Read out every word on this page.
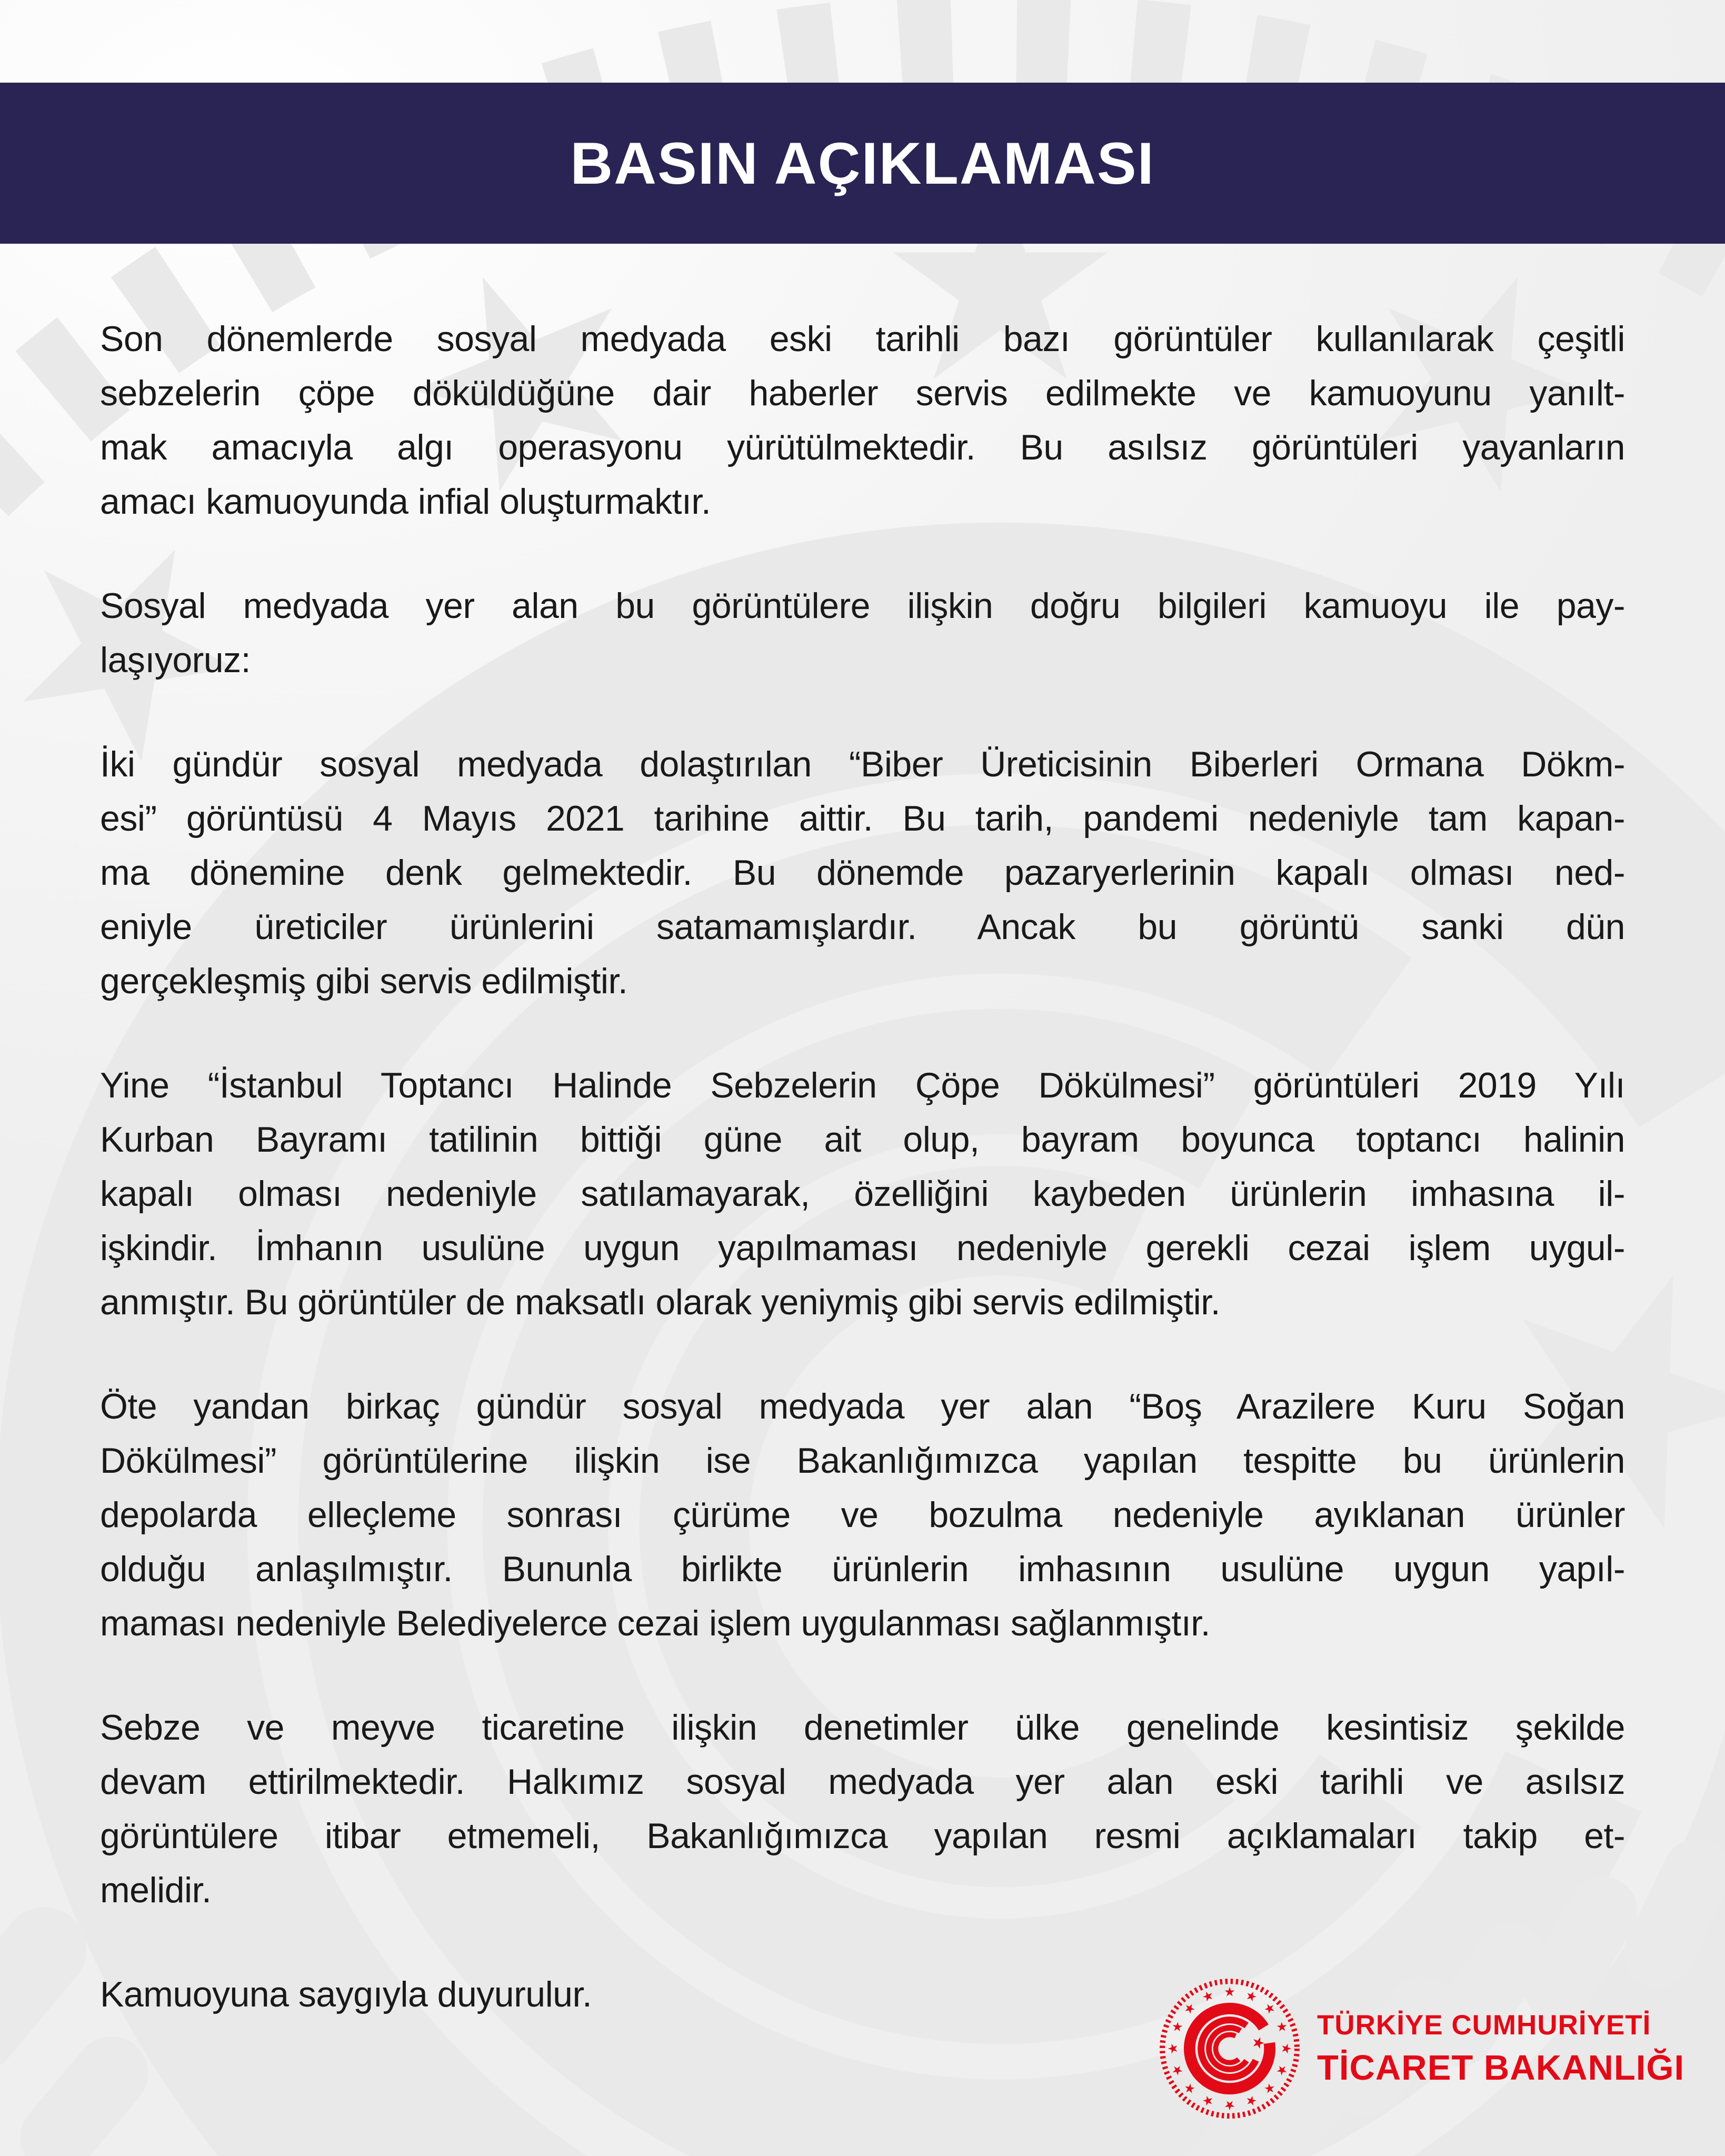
BASIN AÇIKLAMASI

Son dönemlerde sosyal medyada eski tarihli bazı görüntüler kullanılarak çeşitli
sebzelerin çöpe döküldüğüne dair haberler servis edilmekte ve kamuoyunu yanılt-
mak amacıyla algı operasyonu yürütülmektedir. Bu asılsız görüntüleri yayanların
amacı kamuoyunda infial oluşturmaktır.

Sosyal medyada yer alan bu görüntülere ilişkin doğru bilgileri kamuoyu ile pay-
laşıyoruz:

İki gündür sosyal medyada dolaştırılan “Biber Üreticisinin Biberleri Ormana Dökm-
esi” görüntüsü 4 Mayıs 2021 tarihine aittir. Bu tarih, pandemi nedeniyle tam kapan-
ma dönemine denk gelmektedir. Bu dönemde pazaryerlerinin kapalı olması ned-
eniyle üreticiler ürünlerini satamamışlardır. Ancak bu görüntü sanki dün
gerçekleşmiş gibi servis edilmiştir.

Yine “İstanbul Toptancı Halinde Sebzelerin Çöpe Dökülmesi” görüntüleri 2019 Yılı
Kurban Bayramı tatilinin bittiği güne ait olup, bayram boyunca toptancı halinin
kapalı olması nedeniyle satılamayarak, özelliğini kaybeden ürünlerin imhasına il-
işkindir. İmhanın usulüne uygun yapılmaması nedeniyle gerekli cezai işlem uygul-
anmıştır. Bu görüntüler de maksatlı olarak yeniymiş gibi servis edilmiştir.

Öte yandan birkaç gündür sosyal medyada yer alan “Boş Arazilere Kuru Soğan
Dökülmesi” görüntülerine ilişkin ise Bakanlığımızca yapılan tespitte bu ürünlerin
depolarda elleçleme sonrası çürüme ve bozulma nedeniyle ayıklanan ürünler
olduğu anlaşılmıştır. Bununla birlikte ürünlerin imhasının usulüne uygun yapıl-
maması nedeniyle Belediyelerce cezai işlem uygulanması sağlanmıştır.

Sebze ve meyve ticaretine ilişkin denetimler ülke genelinde kesintisiz şekilde
devam ettirilmektedir. Halkımız sosyal medyada yer alan eski tarihli ve asılsız
görüntülere itibar etmemeli, Bakanlığımızca yapılan resmi açıklamaları takip et-
melidir.

Kamuoyuna saygıyla duyurulur.

TÜRKİYE CUMHURİYETİ
TİCARET BAKANLIĞI
